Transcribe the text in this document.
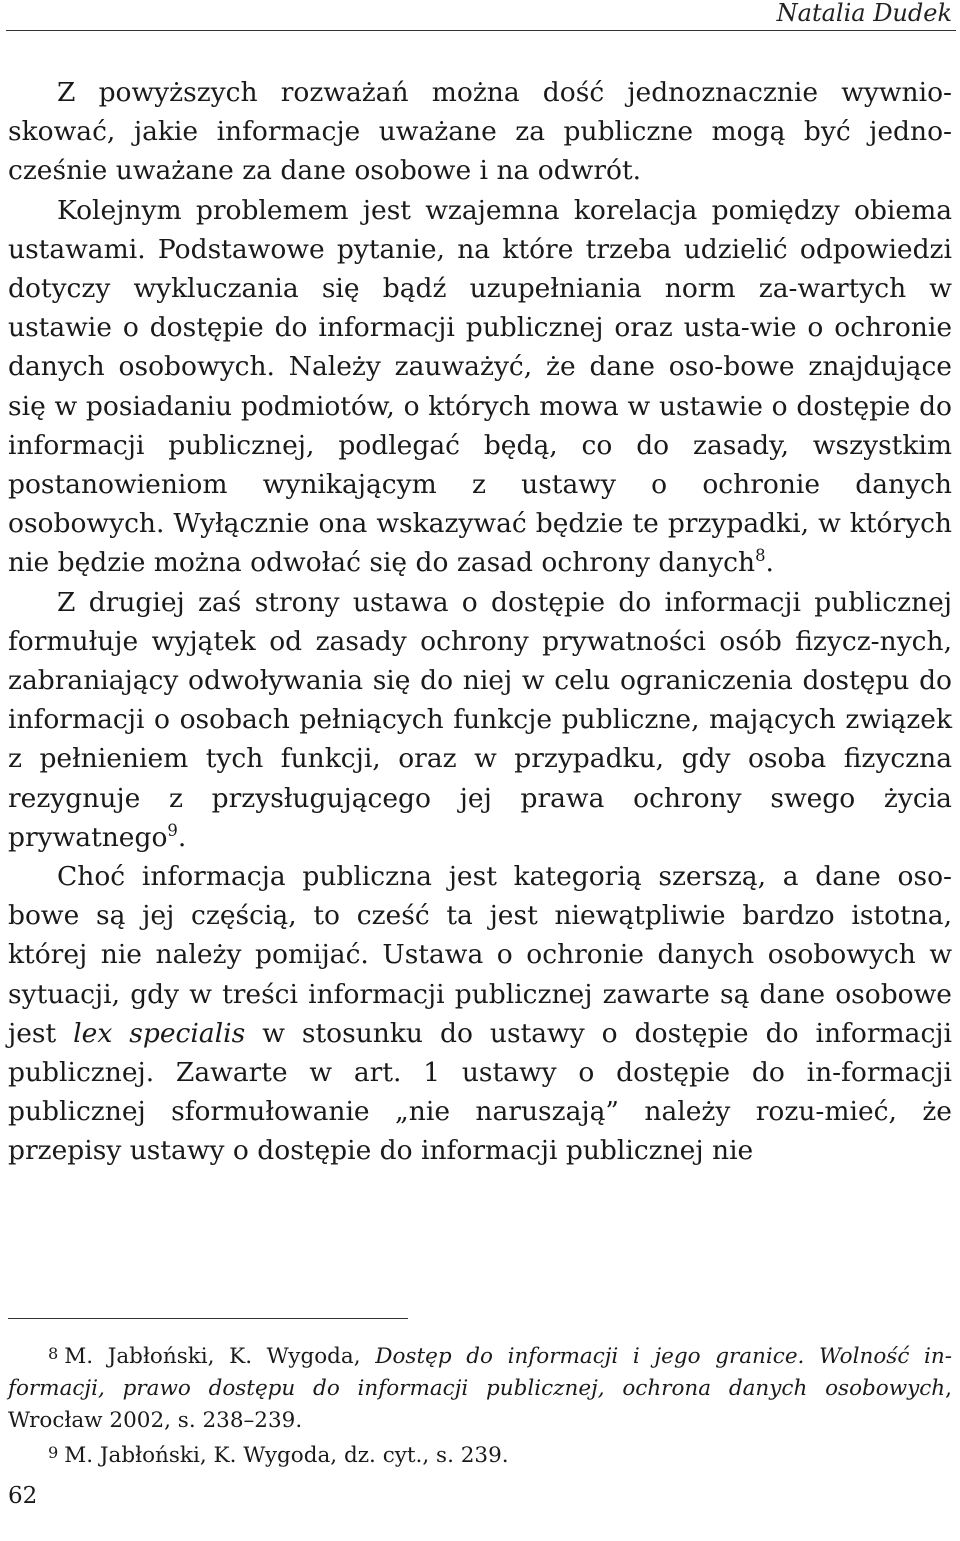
Natalia Dudek

Z powyższych rozważań można dość jednoznacznie wywnio-skować, jakie informacje uważane za publiczne mogą być jedno-cześnie uważane za dane osobowe i na odwrót.

Kolejnym problemem jest wzajemna korelacja pomiędzy obiema ustawami. Podstawowe pytanie, na które trzeba udzielić odpowiedzi dotyczy wykluczania się bądź uzupełniania norm za-wartych w ustawie o dostępie do informacji publicznej oraz usta-wie o ochronie danych osobowych. Należy zauważyć, że dane oso-bowe znajdujące się w posiadaniu podmiotów, o których mowa w ustawie o dostępie do informacji publicznej, podlegać będą, co do zasady, wszystkim postanowieniom wynikającym z ustawy o ochronie danych osobowych. Wyłącznie ona wskazywać będzie te przypadki, w których nie będzie można odwołać się do zasad ochrony danych$^8$.

Z drugiej zaś strony ustawa o dostępie do informacji publicznej formułuje wyjątek od zasady ochrony prywatności osób fizycz-nych, zabraniający odwoływania się do niej w celu ograniczenia dostępu do informacji o osobach pełniących funkcje publiczne, mających związek z pełnieniem tych funkcji, oraz w przypadku, gdy osoba fizyczna rezygnuje z przysługującego jej prawa ochrony swego życia prywatnego$^9$.

Choć informacja publiczna jest kategorią szerszą, a dane oso-bowe są jej częścią, to cześć ta jest niewątpliwie bardzo istotna, której nie należy pomijać. Ustawa o ochronie danych osobowych w sytuacji, gdy w treści informacji publicznej zawarte są dane osobowe jest lex specialis w stosunku do ustawy o dostępie do informacji publicznej. Zawarte w art. 1 ustawy o dostępie do in-formacji publicznej sformułowanie „nie naruszają” należy rozu-mieć, że przepisy ustawy o dostępie do informacji publicznej nie

8 M. Jabłoński, K. Wygoda, Dostęp do informacji i jego granice. Wolność in-formacji, prawo dostępu do informacji publicznej, ochrona danych osobowych, Wrocław 2002, s. 238–239.

9 M. Jabłoński, K. Wygoda, dz. cyt., s. 239.

62
